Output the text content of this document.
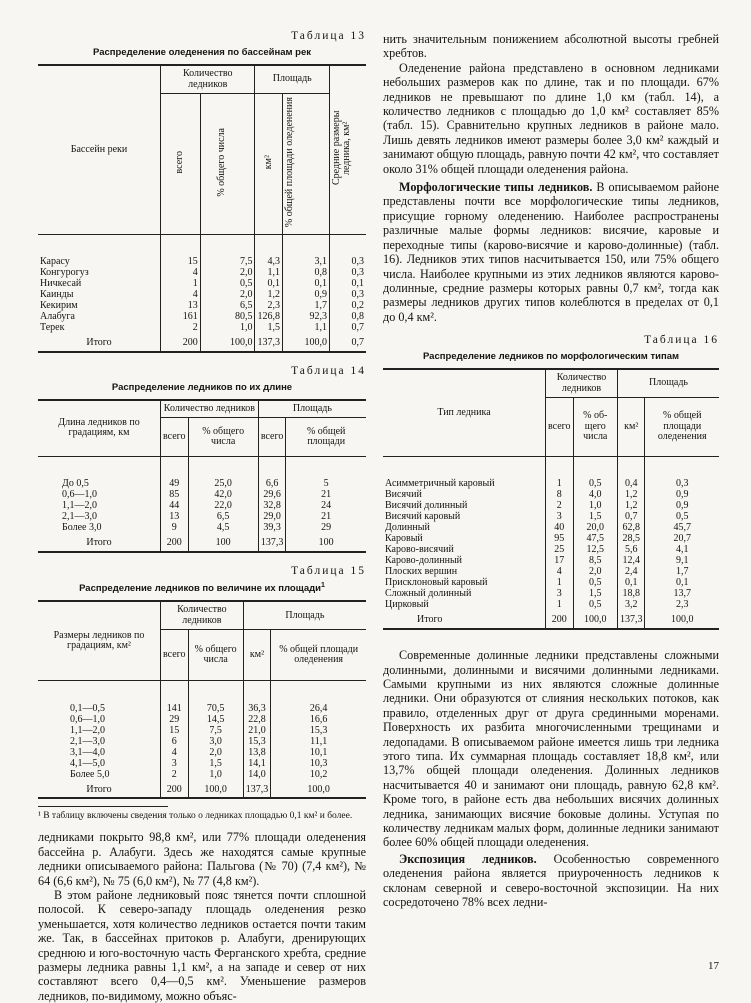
Таблица 13
Распределение оледенения по бассейнам рек
Бассейн реки	Количество ледников		Площадь		Средние размеры ледника, км²
	всего	% общего числа	км²	% общей площади оледенения	
Карасу	15	7,5	4,3	3,1	0,3
Конгурогуз	4	2,0	1,1	0,8	0,3
Ничкесай	1	0,5	0,1	0,1	0,1
Каинды	4	2,0	1,2	0,9	0,3
Кекирим	13	6,5	2,3	1,7	0,2
Алабуга	161	80,5	126,8	92,3	0,8
Терек	2	1,0	1,5	1,1	0,7
Итого	200	100,0	137,3	100,0	0,7
Таблица 14
Распределение ледников по их длине
Длина ледников по градациям, км	Количество ледников		Площадь	
	всего	% общего числа	всего	% общей площади
До 0,5	49	25,0	6,6	5
0,6—1,0	85	42,0	29,6	21
1,1—2,0	44	22,0	32,8	24
2,1—3,0	13	6,5	29,0	21
Более 3,0	9	4,5	39,3	29
Итого	200	100	137,3	100
Таблица 15
Распределение ледников по величине их площади$^1$
Размеры ледников по градациям, км²	Количество ледников		Площадь	
	всего	% общего числа	км²	% общей площади оледенения
0,1—0,5	141	70,5	36,3	26,4
0,6—1,0	29	14,5	22,8	16,6
1,1—2,0	15	7,5	21,0	15,3
2,1—3,0	6	3,0	15,3	11,1
3,1—4,0	4	2,0	13,8	10,1
4,1—5,0	3	1,5	14,1	10,3
Более 5,0	2	1,0	14,0	10,2
Итого	200	100,0	137,3	100,0
¹ В таблицу включены сведения только о ледниках площадью 0,1 км² и более.

ледниками покрыто 98,8 км², или 77% площади оледенения бассейна р. Алабуги. Здесь же находятся самые крупные ледники описываемого района: Пальгова (№ 70) (7,4 км²), № 64 (6,6 км²), № 75 (6,0 км²), № 77 (4,8 км²).

В этом районе ледниковый пояс тянется почти сплошной полосой. К северо-западу площадь оледенения резко уменьшается, хотя количество ледников остается почти таким же. Так, в бассейнах притоков р. Алабуги, дренирующих среднюю и юго-восточную часть Ферганского хребта, средние размеры ледника равны 1,1 км², а на западе и север от них составляют всего 0,4—0,5 км². Уменьшение размеров ледников, по-видимому, можно объяс-

нить значительным понижением абсолютной высоты гребней хребтов.

Оледенение района представлено в основном ледниками небольших размеров как по длине, так и по площади. 67% ледников не превышают по длине 1,0 км (табл. 14), а количество ледников с площадью до 1,0 км² составляет 85% (табл. 15). Сравнительно крупных ледников в районе мало. Лишь девять ледников имеют размеры более 3,0 км² каждый и занимают общую площадь, равную почти 42 км², что составляет около 31% общей площади оледенения района.

Морфологические типы ледников. В описываемом районе представлены почти все морфологические типы ледников, присущие горному оледенению. Наиболее распространены различные малые формы ледников: висячие, каровые и переходные типы (карово-висячие и карово-долинные) (табл. 16). Ледников этих типов насчитывается 150, или 75% общего числа. Наиболее крупными из этих ледников являются карово-долинные, средние размеры которых равны 0,7 км², тогда как размеры ледников других типов колеблются в пределах от 0,1 до 0,4 км².

Таблица 16
Распределение ледников по морфологическим типам
Тип ледника	Количество ледников		Площадь	
	всего	% общего числа	км²	% общей площади оледенения
Асимметричный каровый	1	0,5	0,4	0,3
Висячий	8	4,0	1,2	0,9
Висячий долинный	2	1,0	1,2	0,9
Висячий каровый	3	1,5	0,7	0,5
Долинный	40	20,0	62,8	45,7
Каровый	95	47,5	28,5	20,7
Карово-висячий	25	12,5	5,6	4,1
Карово-долинный	17	8,5	12,4	9,1
Плоских вершин	4	2,0	2,4	1,7
Присклоновый каровый	1	0,5	0,1	0,1
Сложный долинный	3	1,5	18,8	13,7
Цирковый	1	0,5	3,2	2,3
Итого	200	100,0	137,3	100,0

Современные долинные ледники представлены сложными долинными, долинными и висячими долинными ледниками. Самыми крупными из них являются сложные долинные ледники. Они образуются от слияния нескольких потоков, как правило, отделенных друг от друга срединными моренами. Поверхность их разбита многочисленными трещинами и ледопадами. В описываемом районе имеется лишь три ледника этого типа. Их суммарная площадь составляет 18,8 км², или 13,7% общей площади оледенения. Долинных ледников насчитывается 40 и занимают они площадь, равную 62,8 км². Кроме того, в районе есть два небольших висячих долинных ледника, занимающих висячие боковые долины. Уступая по количеству ледникам малых форм, долинные ледники занимают более 60% общей площади оледенения.

Экспозиция ледников. Особенностью современного оледенения района является приуроченность ледников к склонам северной и северо-восточной экспозиции. На них сосредоточено 78% всех ледни-

17
